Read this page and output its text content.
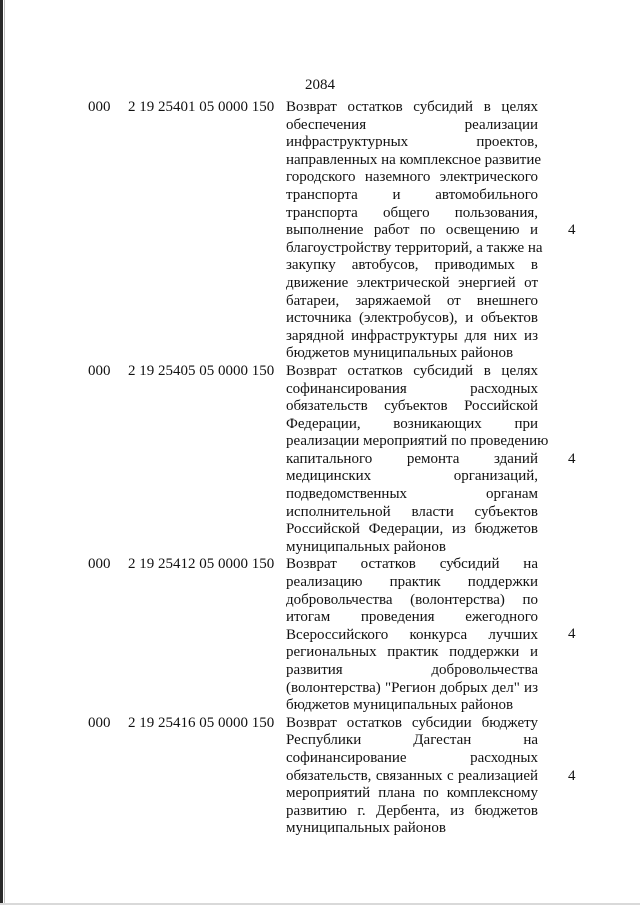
2084
000 2 19 25401 05 0000 150 Возврат остатков субсидий в целях
обеспечения реализации
инфраструктурных проектов,
направленных на комплексное развитие
городского наземного электрического
транспорта и автомобильного
транспорта общего пользования,
выполнение работ по освещению и
благоустройству территорий, а также на
закупку автобусов, приводимых в
движение электрической энергией от
батареи, заряжаемой от внешнего
источника (электробусов), и объектов
зарядной инфраструктуры для них из
бюджетов муниципальных районов
4
000 2 19 25405 05 0000 150 Возврат остатков субсидий в целях
софинансирования расходных
обязательств субъектов Российской
Федерации, возникающих при
реализации мероприятий по проведению
капитального ремонта зданий
медицинских организаций,
подведомственных органам
исполнительной власти субъектов
Российской Федерации, из бюджетов
муниципальных районов
4
000 2 19 25412 05 0000 150 Возврат остатков субсидий на
реализацию практик поддержки
добровольчества (волонтерства) по
итогам проведения ежегодного
Всероссийского конкурса лучших
региональных практик поддержки и
развития добровольчества
(волонтерства) "Регион добрых дел" из
бюджетов муниципальных районов
4
000 2 19 25416 05 0000 150 Возврат остатков субсидии бюджету
Республики Дагестан на
софинансирование расходных
обязательств, связанных с реализацией
мероприятий плана по комплексному
развитию г. Дербента, из бюджетов
муниципальных районов
4
